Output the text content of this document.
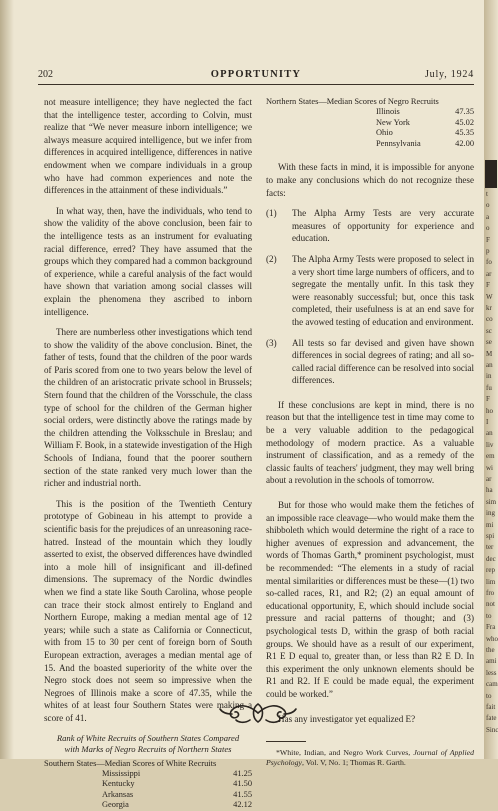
202	OPPORTUNITY	July, 1924

not measure intelligence; they have neglected the fact that the intelligence tester, according to Colvin, must realize that “We never measure inborn intelligence; we always measure acquired intelligence, but we infer from differences in acquired intelligence, differences in native endowment when we compare individuals in a group who have had common experiences and note the differences in the attainment of these individuals.”

In what way, then, have the individuals, who tend to show the validity of the above conclusion, been fair to the intelligence tests as an instrument for evaluating racial difference, erred? They have assumed that the groups which they compared had a common background of experience, while a careful analysis of the fact would have shown that variation among social classes will explain the phenomena they ascribed to inborn intelligence.

There are numberless other investigations which tend to show the validity of the above conclusion. Binet, the father of tests, found that the children of the poor wards of Paris scored from one to two years below the level of the children of an aristocratic private school in Brussels; Stern found that the children of the Vorsschule, the class type of school for the children of the German higher social orders, were distinctly above the ratings made by the children attending the Volksschule in Breslau; and William F. Book, in a statewide investigation of the High Schools of Indiana, found that the poorer southern section of the state ranked very much lower than the richer and industrial north.

This is the position of the Twentieth Century prototype of Gobineau in his attempt to provide a scientific basis for the prejudices of an unreasoning race-hatred. Instead of the mountain which they loudly asserted to exist, the observed differences have dwindled into a mole hill of insignificant and ill-defined dimensions. The supremacy of the Nordic dwindles when we find a state like South Carolina, whose people can trace their stock almost entirely to England and Northern Europe, making a median mental age of 12 years; while such a state as California or Connecticut, with from 15 to 30 per cent of foreign born of South European extraction, averages a median mental age of 15. And the boasted superiority of the white over the Negro stock does not seem so impressive when the Negroes of Illinois make a score of 47.35, while the whites of at least four Southern States were making a score of 41.

Rank of White Recruits of Southern States Compared
with Marks of Negro Recruits of Northern States
Southern States—Median Scores of White Recruits
Mississippi	41.25
Kentucky	41.50
Arkansas	41.55
Georgia	42.12
Northern States—Median Scores of Negro Recruits
Illinois	47.35
New York	45.02
Ohio	45.35
Pennsylvania	42.00

With these facts in mind, it is impossible for anyone to make any conclusions which do not recognize these facts:

(1)	The Alpha Army Tests are very accurate measures of opportunity for experience and education.
(2)	The Alpha Army Tests were proposed to select in a very short time large numbers of officers, and to segregate the mentally unfit. In this task they were reasonably successful; but, once this task completed, their usefulness is at an end save for the avowed testing of education and environment.
(3)	All tests so far devised and given have shown differences in social degrees of rating; and all so-called racial difference can be resolved into social differences.

If these conclusions are kept in mind, there is no reason but that the intelligence test in time may come to be a very valuable addition to the pedagogical methodology of modern practice. As a valuable instrument of classification, and as a remedy of the classic faults of teachers' judgment, they may well bring about a revolution in the schools of tomorrow.

But for those who would make them the fetiches of an impossible race cleavage—who would make them the shibboleth which would determine the right of a race to higher avenues of expression and advancement, the words of Thomas Garth,* prominent psychologist, must be recommended: “The elements in a study of racial mental similarities or differences must be these—(1) two so-called races, R1, and R2; (2) an equal amount of educational opportunity, E, which should include social pressure and racial patterns of thought; and (3) psychological tests D, within the grasp of both racial groups. We should have as a result of our experiment, R1 E D equal to, greater than, or less than R2 E D. In this experiment the only unknown elements should be R1 and R2. If E could be made equal, the experiment could be worked.”

Has any investigator yet equalized E?

*White, Indian, and Negro Work Curves, Journal of Applied Psychology, Vol. V, No. 1; Thomas R. Garth.
t
o
a
o
F
p
fo
ar
F
W
kr
co
sc
se
M
an
in
fu
F
ho
I
an
liv
em
wi
ar
ha
sim
ing
mi
spi
ter
dec
rep
lim
fro
not
to
Fra
who
the
ami
less
cam
to
fait
fate
Sinc
